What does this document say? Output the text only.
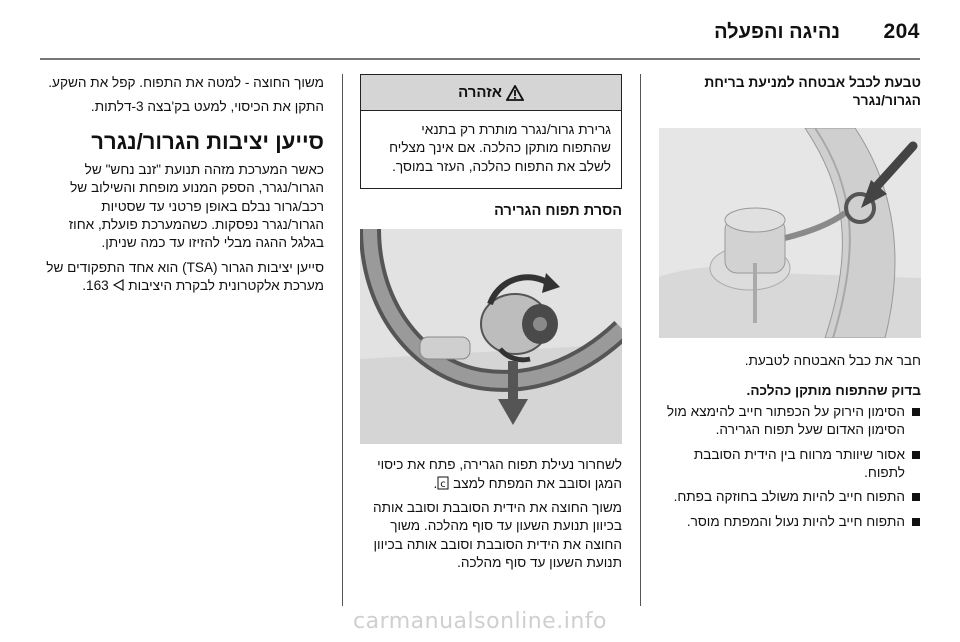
204
נהיגה והפעלה
טבעת לכבל אבטחה למניעת בריחת הגרור/נגרר

חבר את כבל האבטחה לטבעת.

בדוק שהתפוח מותקן כהלכה.

הסימון הירוק על הכפתור חייב להימצא מול הסימון האדום שעל תפוח הגרירה.
אסור שיוותר מרווח בין הידית הסובבת לתפוח.
התפוח חייב להיות משולב בחוזקה בפתח.
התפוח חייב להיות נעול והמפתח מוסר.
אזהרה
גרירת גרור/נגרר מותרת רק בתנאי שהתפוח מותקן כהלכה. אם אינך מצליח לשלב את התפוח כהלכה, העזר במוסך.
הסרת תפוח הגרירה

לשחרור נעילת תפוח הגרירה, פתח את כיסוי המגן וסובב את המפתח למצב
c
.

משוך החוצה את הידית הסובבת וסובב אותה בכיוון תנועת השעון עד סוף מהלכה. משוך החוצה את הידית הסובבת וסובב אותה בכיוון תנועת השעון עד סוף מהלכה.

משוך החוצה - למטה את התפוח. קפל את השקע.

התקן את הכיסוי, למעט בק'בצה 3-דלתות.

סייען יציבות הגרור/נגרר

כאשר המערכת מזהה תנועת "זנב נחש" של הגרור/נגרר, הספק המנוע מופחת והשילוב של רכב/גרור נבלם באופן פרטני עד שסטיות הגרור/נגרר נפסקות. כשהמערכת פועלת, אחוז בגלגל ההגה מבלי להזיזו עד כמה שניתן.

סייען יציבות הגרור (TSA) הוא אחד התפקודים של מערכת אלקטרונית לבקרת היציבות  163.

carmanualsonline.info
